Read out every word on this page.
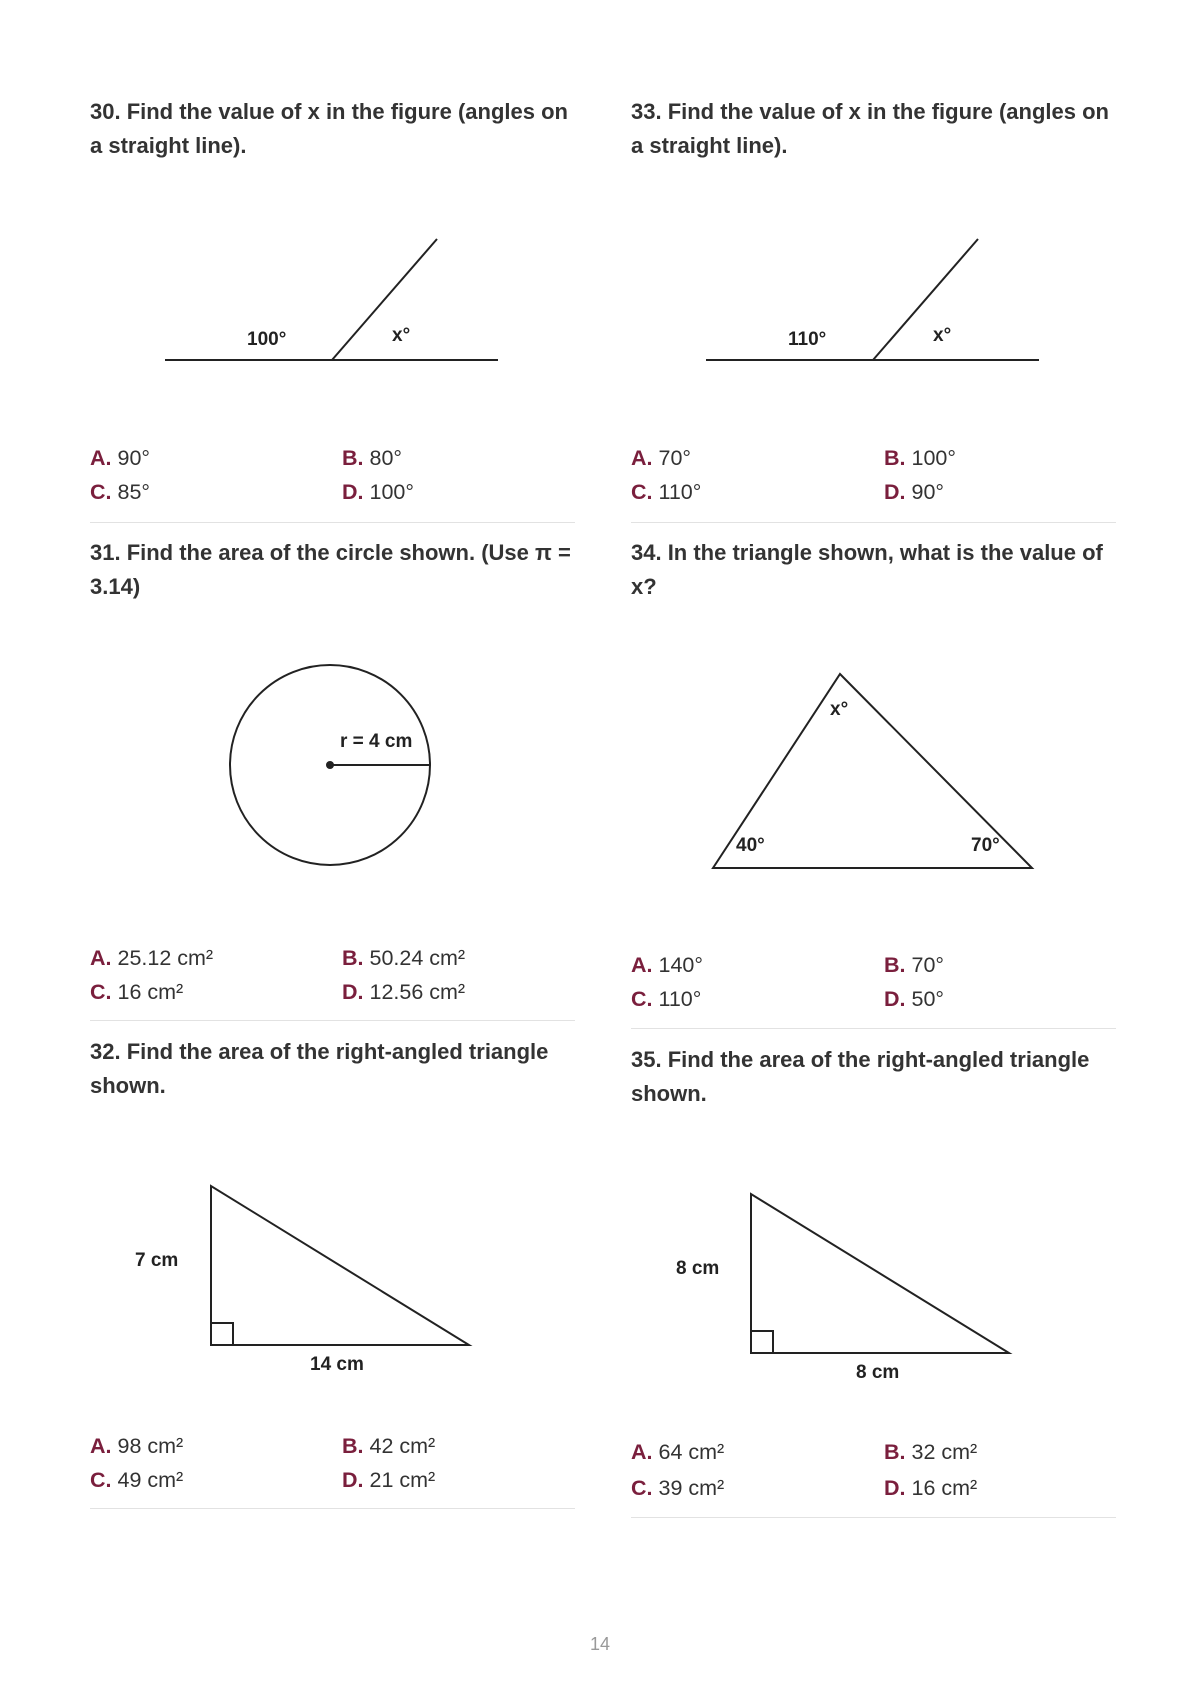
30. Find the value of x in the figure (angles on a straight line).
100°	x°
A. 90°	B. 80°
C. 85°	D. 100°
31. Find the area of the circle shown. (Use π = 3.14)
r = 4 cm
A. 25.12 cm²	B. 50.24 cm²
C. 16 cm²	D. 12.56 cm²
32. Find the area of the right-angled triangle shown.
7 cm
14 cm
A. 98 cm²	B. 42 cm²
C. 49 cm²	D. 21 cm²
33. Find the value of x in the figure (angles on a straight line).
110°	x°
A. 70°	B. 100°
C. 110°	D. 90°
34. In the triangle shown, what is the value of x?
x°
40°	70°
A. 140°	B. 70°
C. 110°	D. 50°
35. Find the area of the right-angled triangle shown.
8 cm
8 cm
A. 64 cm²	B. 32 cm²
C. 39 cm²	D. 16 cm²
14
